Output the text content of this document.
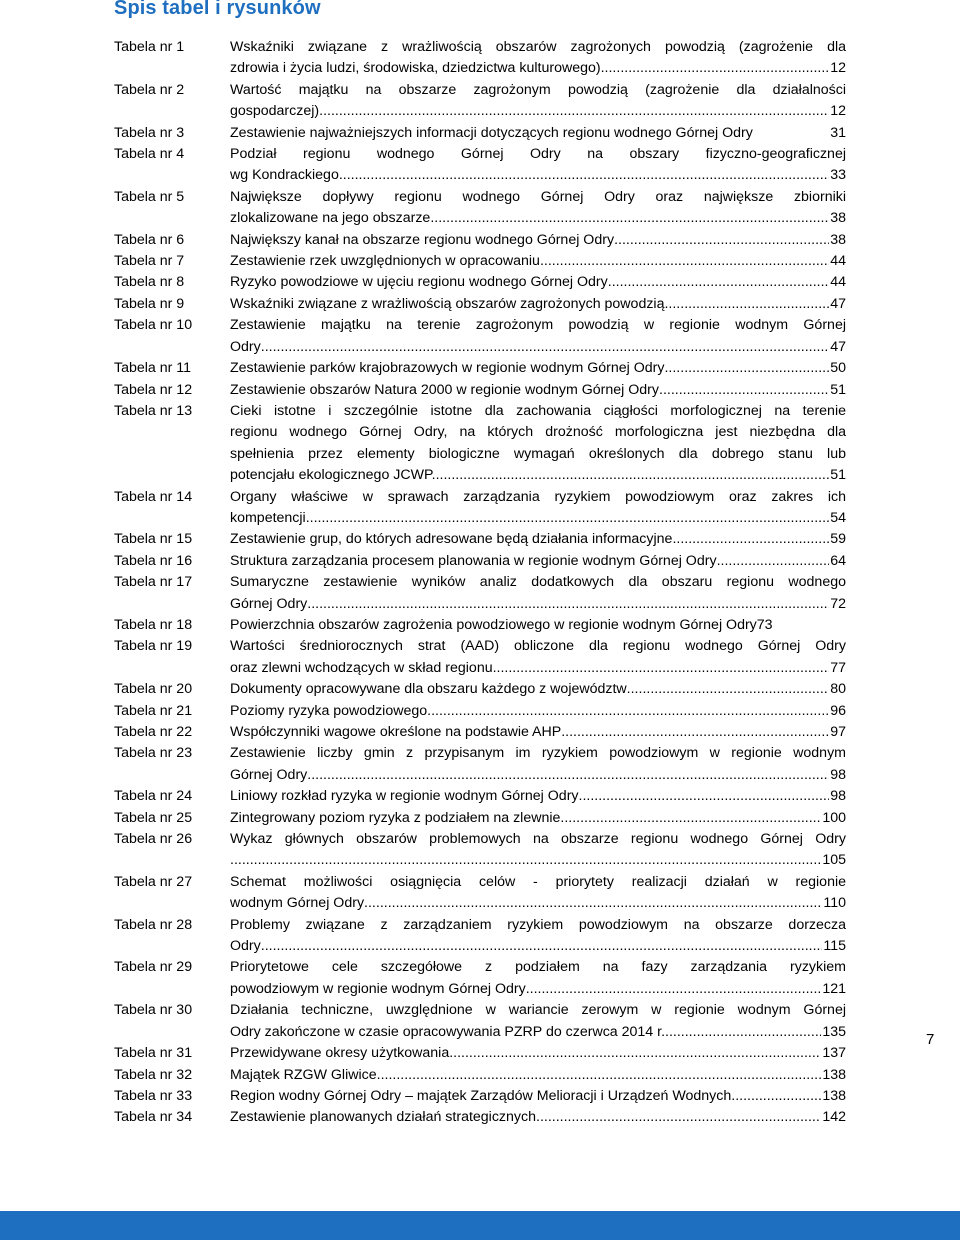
Spis tabel i rysunków
Tabela nr 1	Wskaźniki związane z wrażliwością obszarów zagrożonych powodzią (zagrożenie dla
zdrowia i życia ludzi, środowiska, dziedzictwa kulturowego) .....	12
Tabela nr 2	Wartość majątku na obszarze zagrożonym powodzią (zagrożenie dla działalności
gospodarczej) .....	12
Tabela nr 3	Zestawienie najważniejszych informacji dotyczących regionu wodnego Górnej Odry	31
Tabela nr 4	Podział regionu wodnego Górnej Odry na obszary fizyczno-geograficznej
wg Kondrackiego .....	33
Tabela nr 5	Największe dopływy regionu wodnego Górnej Odry oraz największe zbiorniki
zlokalizowane na jego obszarze .....	38
Tabela nr 6	Największy kanał na obszarze regionu wodnego Górnej Odry .....	38
Tabela nr 7	Zestawienie rzek uwzględnionych w opracowaniu .....	44
Tabela nr 8	Ryzyko powodziowe w ujęciu regionu wodnego Górnej Odry .....	44
Tabela nr 9	Wskaźniki związane z wrażliwością obszarów zagrożonych powodzią .....	47
Tabela nr 10	Zestawienie majątku na terenie zagrożonym powodzią w regionie wodnym Górnej
Odry .....	47
Tabela nr 11	Zestawienie parków krajobrazowych w regionie wodnym Górnej Odry .....	50
Tabela nr 12	Zestawienie obszarów Natura 2000 w regionie wodnym Górnej Odry .....	51
Tabela nr 13	Cieki istotne i szczególnie istotne dla zachowania ciągłości morfologicznej na terenie
regionu wodnego Górnej Odry, na których drożność morfologiczna jest niezbędna dla
spełnienia przez elementy biologiczne wymagań określonych dla dobrego stanu lub
potencjału ekologicznego JCWP. .....	51
Tabela nr 14	Organy właściwe w sprawach zarządzania ryzykiem powodziowym oraz zakres ich
kompetencji .....	54
Tabela nr 15	Zestawienie grup, do których adresowane będą działania informacyjne .....	59
Tabela nr 16	Struktura zarządzania procesem planowania w regionie wodnym Górnej Odry .....	64
Tabela nr 17	Sumaryczne zestawienie wyników analiz dodatkowych dla obszaru regionu wodnego
Górnej Odry .....	72
Tabela nr 18	Powierzchnia obszarów zagrożenia powodziowego w regionie wodnym Górnej Odry 73
Tabela nr 19	Wartości średniorocznych strat (AAD) obliczone dla regionu wodnego Górnej Odry
oraz zlewni wchodzących w skład regionu .....	77
Tabela nr 20	Dokumenty opracowywane dla obszaru każdego z województw .....	80
Tabela nr 21	Poziomy ryzyka powodziowego .....	96
Tabela nr 22	Współczynniki wagowe określone na podstawie AHP .....	97
Tabela nr 23	Zestawienie liczby gmin z przypisanym im ryzykiem powodziowym w regionie wodnym
Górnej Odry .....	98
Tabela nr 24	Liniowy rozkład ryzyka w regionie wodnym Górnej Odry .....	98
Tabela nr 25	Zintegrowany poziom ryzyka z podziałem na zlewnie .....	100
Tabela nr 26	Wykaz głównych obszarów problemowych na obszarze regionu wodnego Górnej Odry
.....
105
Tabela nr 27	Schemat możliwości osiągnięcia celów - priorytety realizacji działań w regionie
wodnym Górnej Odry .....	110
Tabela nr 28	Problemy związane z zarządzaniem ryzykiem powodziowym na obszarze dorzecza
Odry .....	115
Tabela nr 29	Priorytetowe cele szczegółowe z podziałem na fazy zarządzania ryzykiem
powodziowym w regionie wodnym Górnej Odry .....	121
Tabela nr 30	Działania techniczne, uwzględnione w wariancie zerowym w regionie wodnym Górnej
Odry zakończone w czasie opracowywania PZRP do czerwca 2014 r. .....	135
Tabela nr 31	Przewidywane okresy użytkowania .....	137
Tabela nr 32	Majątek RZGW Gliwice .....	138
Tabela nr 33	Region wodny Górnej Odry – majątek Zarządów Melioracji i Urządzeń Wodnych .....	138
Tabela nr 34	Zestawienie planowanych działań strategicznych .....	142
7
